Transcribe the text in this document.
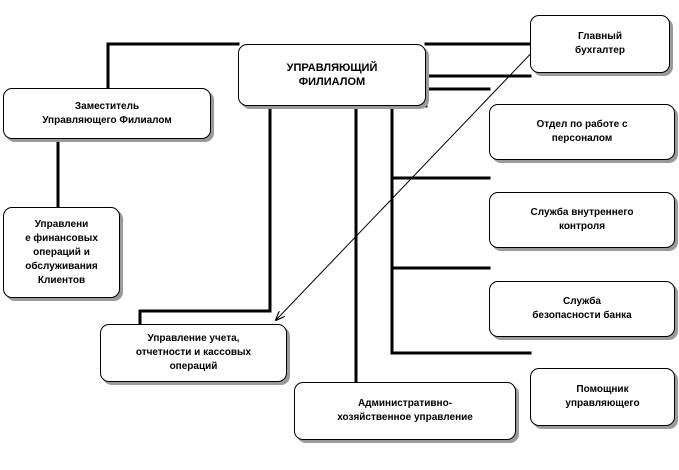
УПРАВЛЯЮЩИЙ
ФИЛИАЛОМ
Главный
бухгалтер
Заместитель
Управляющего Филиалом
Управлени
е финансовых
операций и
обслуживания
Клиентов
Отдел по работе с
персоналом
Служба внутреннего
контроля
Служба
безопасности банка
Управление учета,
отчетности и кассовых
операций
Административно-
хозяйственное управление
Помощник
управляющего
